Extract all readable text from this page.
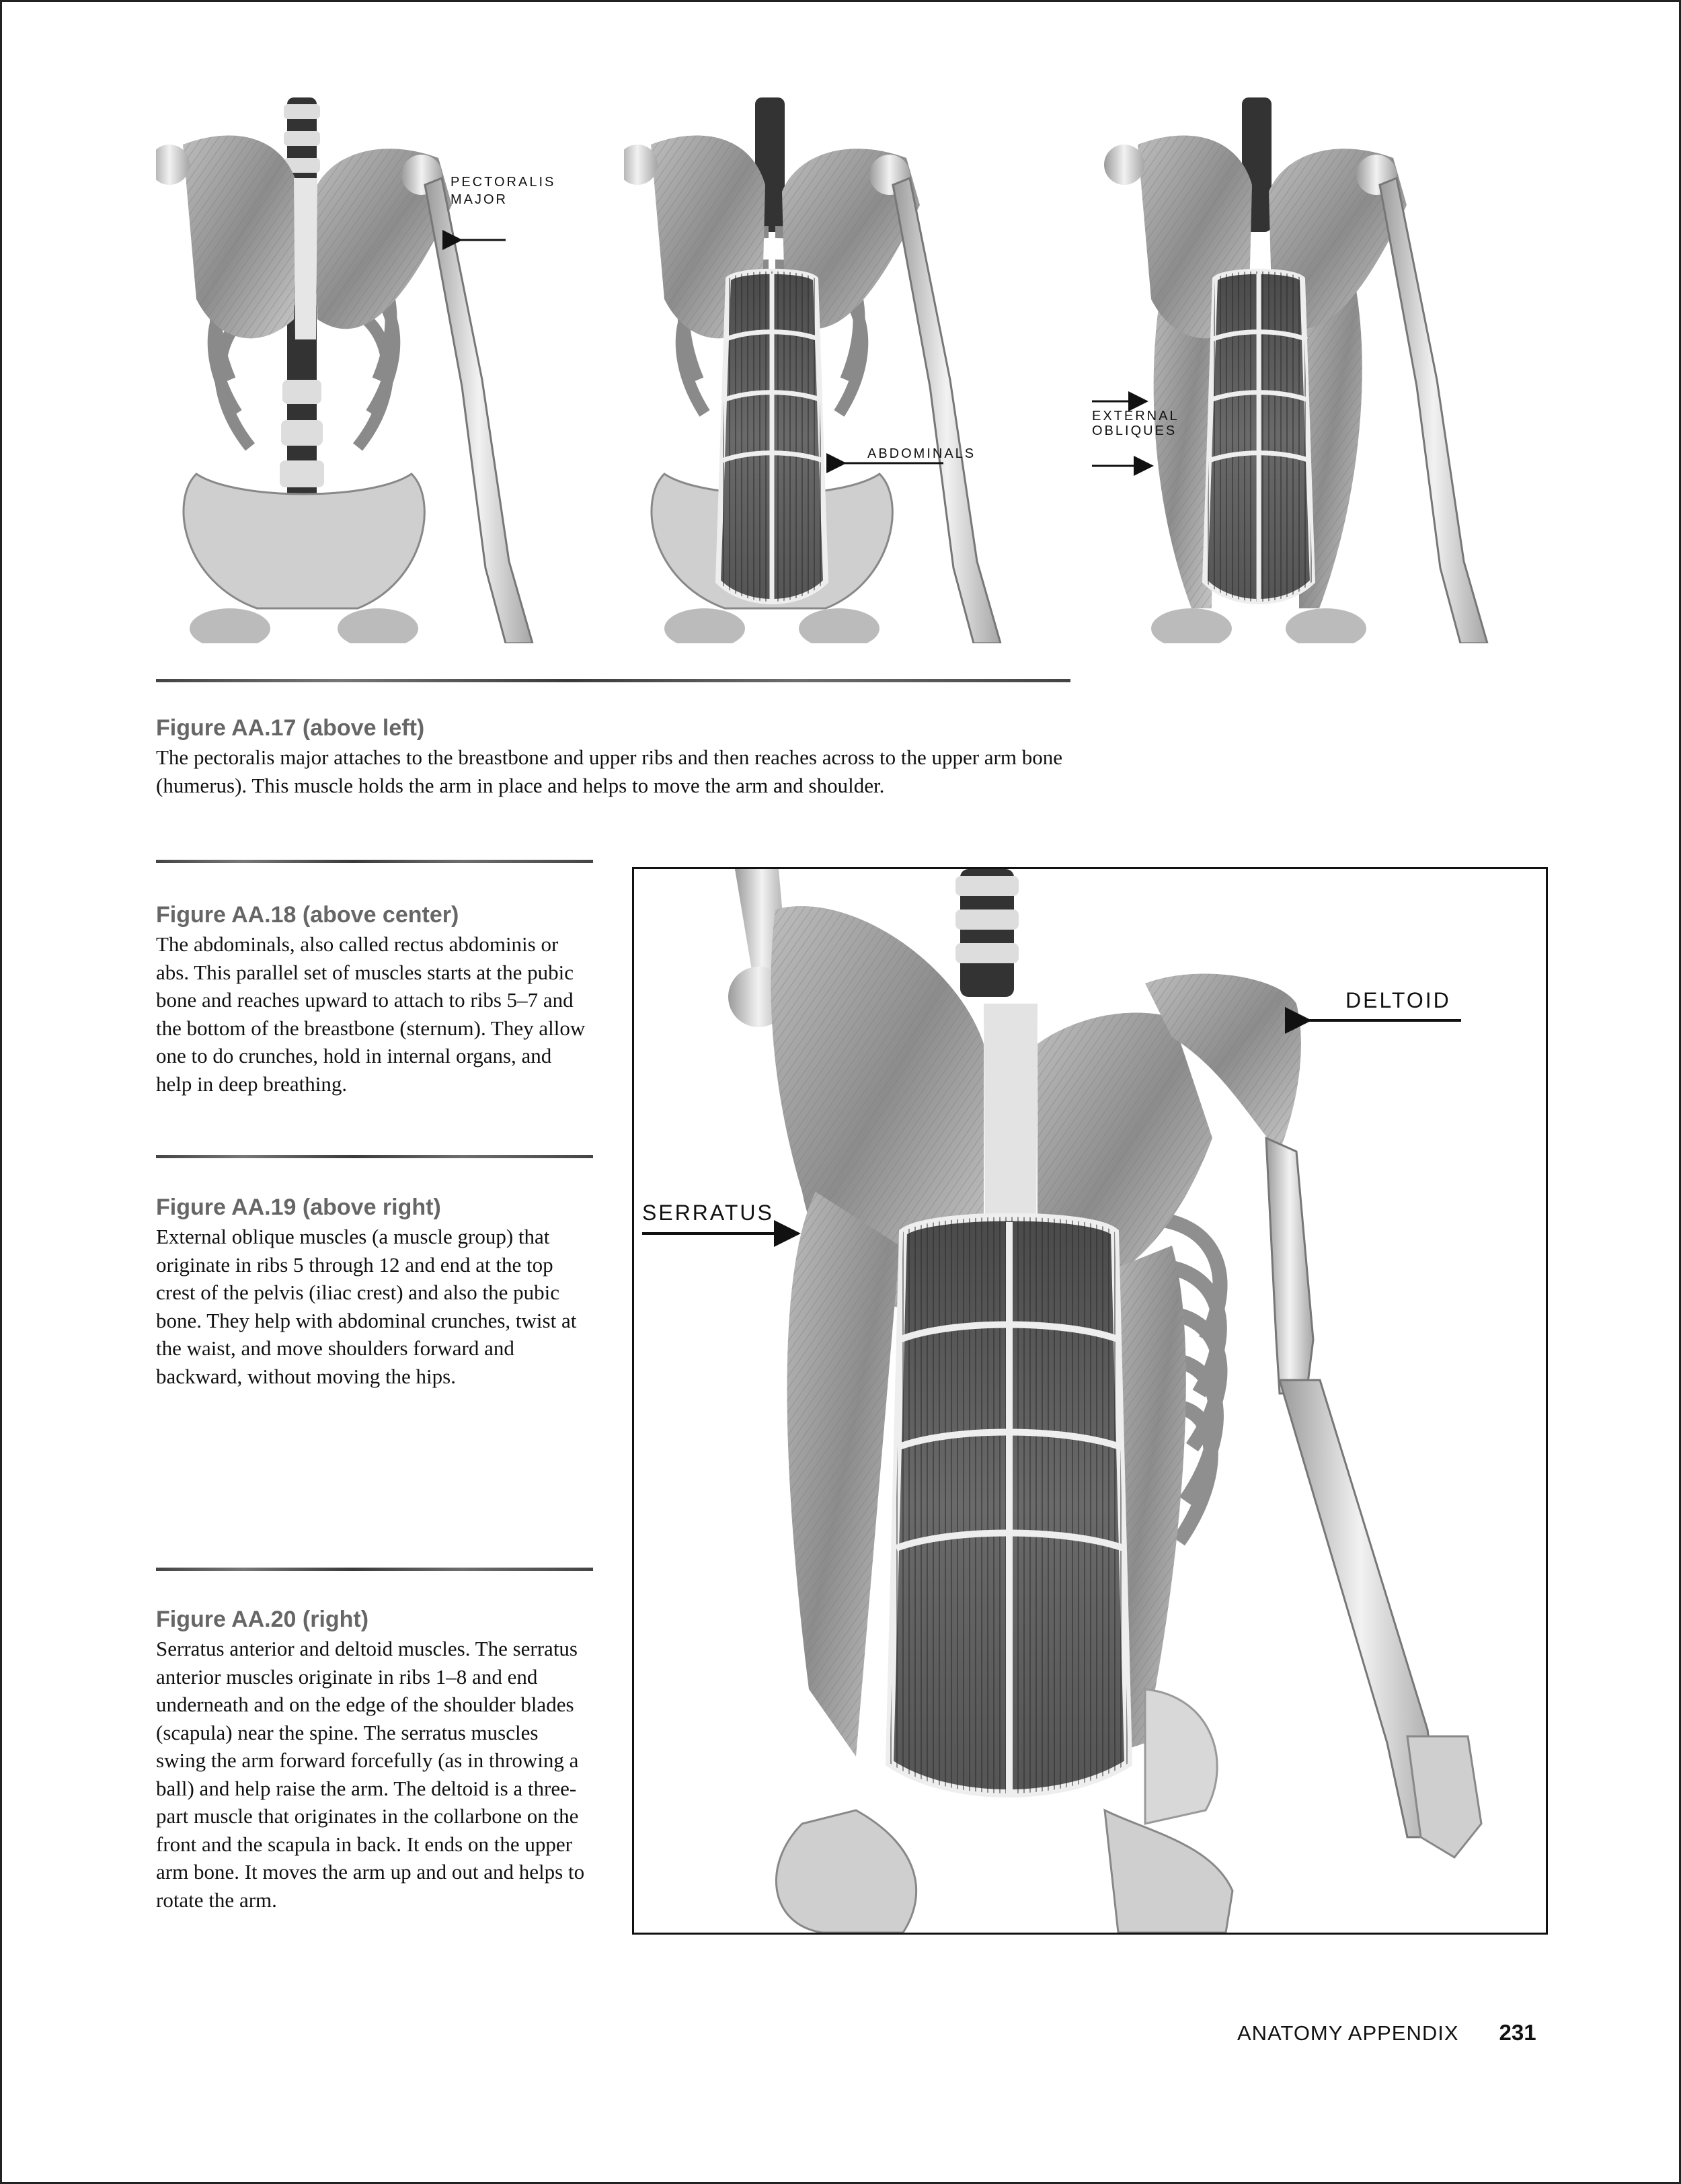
PECTORALIS
MAJOR
ABDOMINALS
EXTERNAL
OBLIQUES
Figure AA.17 (above left)

The pectoralis major attaches to the breastbone and upper ribs and then reaches across to the upper arm bone (humerus). This muscle holds the arm in place and helps to move the arm and shoulder.

Figure AA.18 (above center)

The abdominals, also called rectus abdominis or abs. This parallel set of muscles starts at the pubic bone and reaches upward to attach to ribs 5–7 and the bottom of the breastbone (sternum). They allow one to do crunches, hold in internal organs, and help in deep breathing.

Figure AA.19 (above right)

External oblique muscles (a muscle group) that originate in ribs 5 through 12 and end at the top crest of the pelvis (iliac crest) and also the pubic bone. They help with abdominal crunches, twist at the waist, and move shoulders forward and backward, without moving the hips.

Figure AA.20 (right)

Serratus anterior and deltoid muscles. The serratus anterior muscles originate in ribs 1–8 and end underneath and on the edge of the shoulder blades (scapula) near the spine. The serratus muscles swing the arm forward forcefully (as in throwing a ball) and help raise the arm. The deltoid is a three-part muscle that originates in the collarbone on the front and the scapula in back. It ends on the upper arm bone. It moves the arm up and out and helps to rotate the arm.

DELTOID
SERRATUS
ANATOMY APPENDIX 231
